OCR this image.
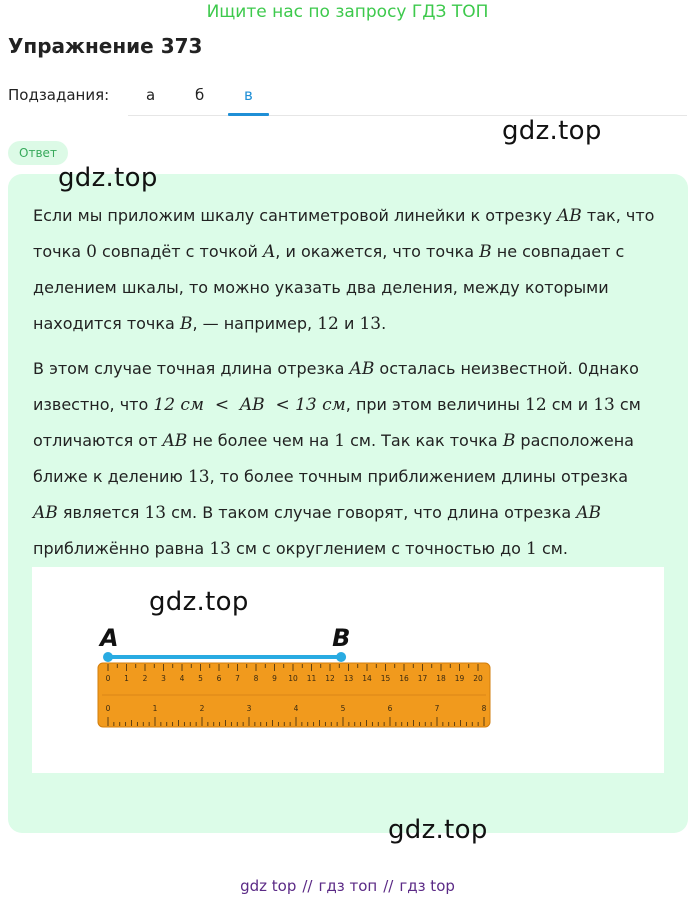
Ищите нас по запросу ГДЗ ТОП
Упражнение 373
Подзадания: а	б	в
gdz.top
Ответ
gdz.top
Если мы приложим шкалу сантиметровой линейки к отрезку AB так, что
точка 0 совпадёт с точкой A, и окажется, что точка B не совпадает с
делением шкалы, то можно указать два деления, между которыми
находится точка B, — например, 12 и 13.
В этом случае точная длина отрезка AB осталась неизвестной. 0днако
известно, что 12 см  <  AB  < 13 см, при этом величины 12 см и 13 см
отличаются от AB не более чем на 1 см. Так как точка B расположена
ближе к делению 13, то более точным приближением длины отрезка
AB является 13 см. В таком случае говорят, что длина отрезка AB
приближённо равна 13 см с округлением с точностью до 1 см.
0 1 2 3 4 5 6 7 8 9 10 11 12 13 14 15 16 17 18 19 20
0	1	2	3	4	5	6	7	8
A	B
gdz.top
gdz.top
gdz top // гдз топ // гдз top
